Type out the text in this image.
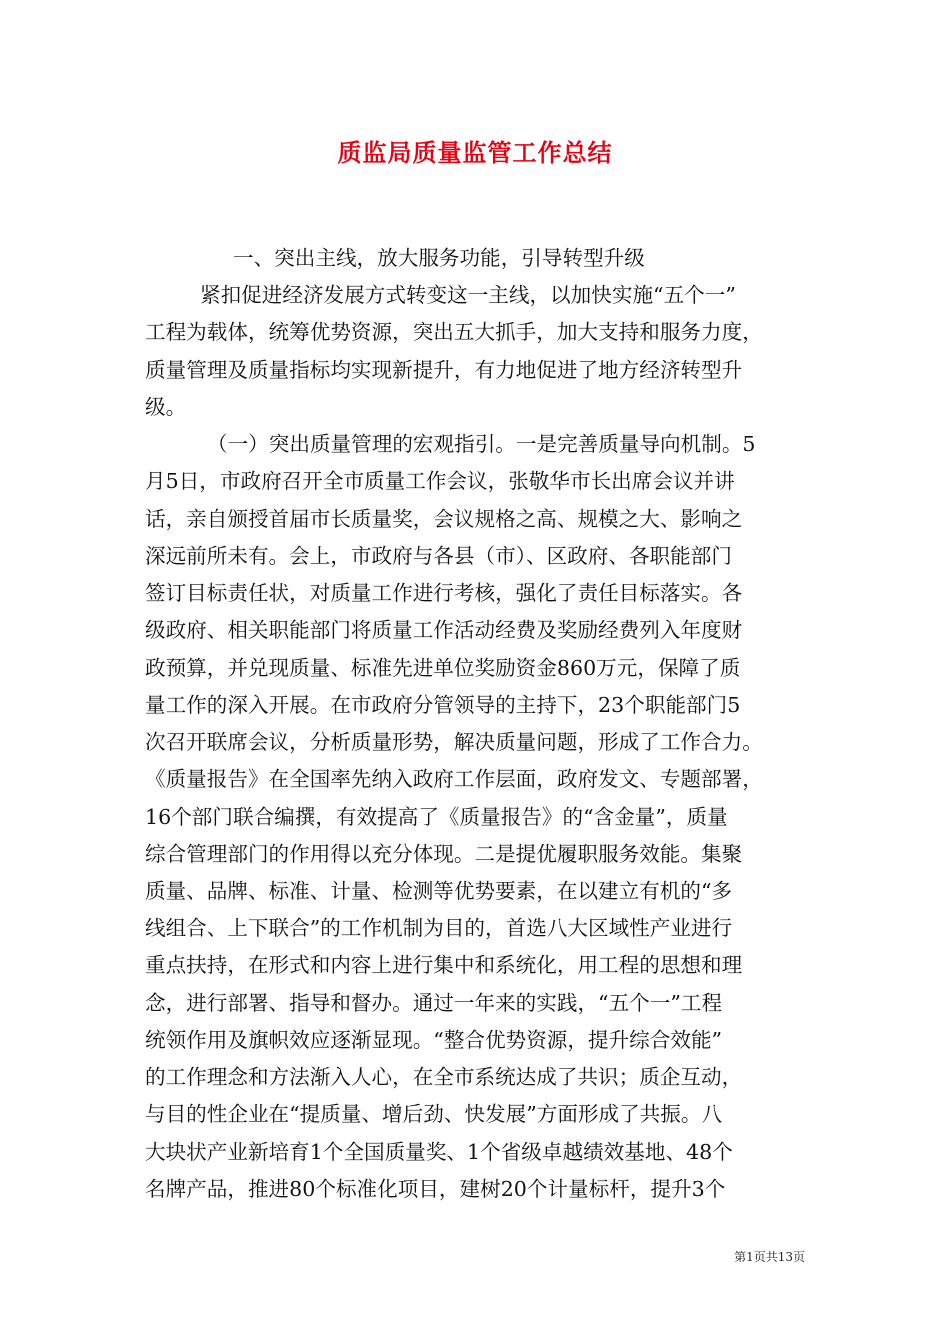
质监局质量监管工作总结
一、突出主线，放大服务功能，引导转型升级
紧扣促进经济发展方式转变这一主线，以加快实施“五个一”
工程为载体，统筹优势资源，突出五大抓手，加大支持和服务力度，
质量管理及质量指标均实现新提升，有力地促进了地方经济转型升
级。
（一）突出质量管理的宏观指引。一是完善质量导向机制。5
月5日，市政府召开全市质量工作会议，张敬华市长出席会议并讲
话，亲自颁授首届市长质量奖，会议规格之高、规模之大、影响之
深远前所未有。会上，市政府与各县（市）、区政府、各职能部门
签订目标责任状，对质量工作进行考核，强化了责任目标落实。各
级政府、相关职能部门将质量工作活动经费及奖励经费列入年度财
政预算，并兑现质量、标准先进单位奖励资金860万元，保障了质
量工作的深入开展。在市政府分管领导的主持下，23个职能部门5
次召开联席会议，分析质量形势，解决质量问题，形成了工作合力。
《质量报告》在全国率先纳入政府工作层面，政府发文、专题部署，
16个部门联合编撰，有效提高了《质量报告》的“含金量”，质量
综合管理部门的作用得以充分体现。二是提优履职服务效能。集聚
质量、品牌、标准、计量、检测等优势要素，在以建立有机的“多
线组合、上下联合”的工作机制为目的，首选八大区域性产业进行
重点扶持，在形式和内容上进行集中和系统化，用工程的思想和理
念，进行部署、指导和督办。通过一年来的实践，“五个一”工程
统领作用及旗帜效应逐渐显现。“整合优势资源，提升综合效能”
的工作理念和方法渐入人心，在全市系统达成了共识；质企互动，
与目的性企业在“提质量、增后劲、快发展”方面形成了共振。八
大块状产业新培育1个全国质量奖、1个省级卓越绩效基地、48个
名牌产品，推进80个标准化项目，建树20个计量标杆，提升3个
第1页共13页
